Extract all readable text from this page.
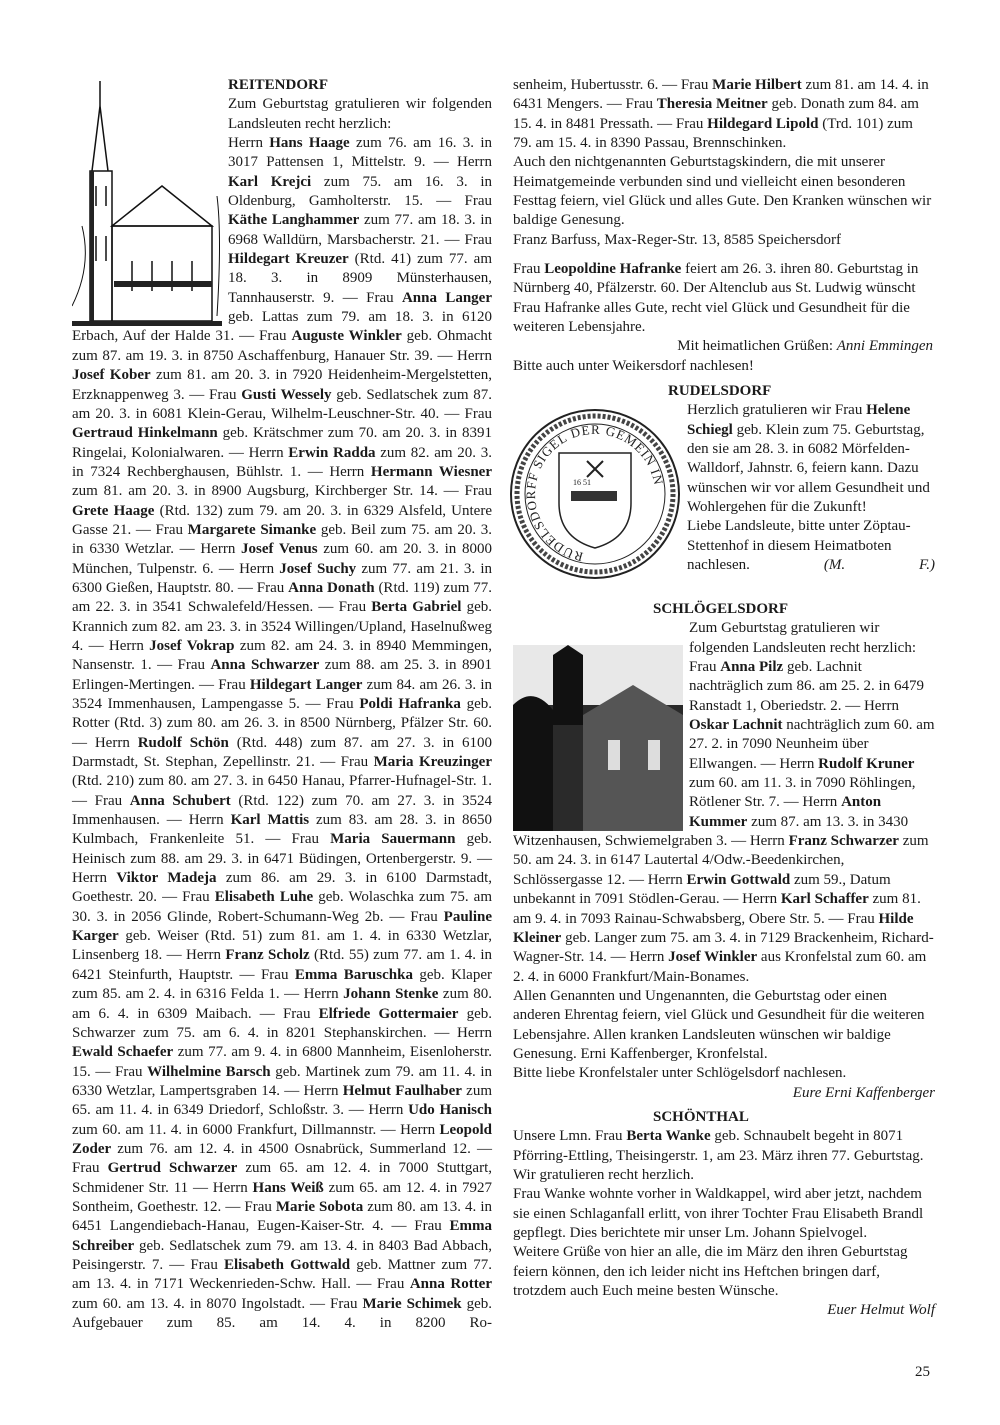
REITENDORF

Zum Geburtstag gratulieren wir folgenden Landsleuten recht herzlich:

Herrn Hans Haage zum 76. am 16. 3. in 3017 Pattensen 1, Mittelstr. 9. — Herrn Karl Krejci zum 75. am 16. 3. in Oldenburg, Gamholterstr. 15. — Frau Käthe Langhammer zum 77. am 18. 3. in 6968 Walldürn, Marsbacherstr. 21. — Frau Hildegart Kreuzer (Rtd. 41) zum 77. am 18. 3. in 8909 Münsterhausen, Tannhauserstr. 9. — Frau Anna Langer geb. Lattas zum 79. am 18. 3. in 6120 Erbach, Auf der Halde 31. — Frau Auguste Winkler geb. Ohmacht zum 87. am 19. 3. in 8750 Aschaffenburg, Hanauer Str. 39. — Herrn Josef Kober zum 81. am 20. 3. in 7920 Heidenheim-Mergelstetten, Erzknappenweg 3. — Frau Gusti Wessely geb. Sedlatschek zum 87. am 20. 3. in 6081 Klein-Gerau, Wilhelm-Leuschner-Str. 40. — Frau Gertraud Hinkelmann geb. Krätschmer zum 70. am 20. 3. in 8391 Ringelai, Kolonialwaren. — Herrn Erwin Radda zum 82. am 20. 3. in 7324 Rechberghausen, Bühlstr. 1. — Herrn Hermann Wiesner zum 81. am 20. 3. in 8900 Augsburg, Kirchberger Str. 14. — Frau Grete Haage (Rtd. 132) zum 79. am 20. 3. in 6329 Alsfeld, Untere Gasse 21. — Frau Margarete Simanke geb. Beil zum 75. am 20. 3. in 6330 Wetzlar. — Herrn Josef Venus zum 60. am 20. 3. in 8000 München, Tulpenstr. 6. — Herrn Josef Suchy zum 77. am 21. 3. in 6300 Gießen, Hauptstr. 80. — Frau Anna Donath (Rtd. 119) zum 77. am 22. 3. in 3541 Schwalefeld/Hessen. — Frau Berta Gabriel geb. Krannich zum 82. am 23. 3. in 3524 Willingen/Upland, Haselnußweg 4. — Herrn Josef Vokrap zum 82. am 24. 3. in 8940 Memmingen, Nansenstr. 1. — Frau Anna Schwarzer zum 88. am 25. 3. in 8901 Erlingen-Mertingen. — Frau Hildegart Langer zum 84. am 26. 3. in 3524 Immenhausen, Lampengasse 5. — Frau Poldi Hafranka geb. Rotter (Rtd. 3) zum 80. am 26. 3. in 8500 Nürnberg, Pfälzer Str. 60. — Herrn Rudolf Schön (Rtd. 448) zum 87. am 27. 3. in 6100 Darmstadt, St. Stephan, Zepellinstr. 21. — Frau Maria Kreuzinger (Rtd. 210) zum 80. am 27. 3. in 6450 Hanau, Pfarrer-Hufnagel-Str. 1. — Frau Anna Schubert (Rtd. 122) zum 70. am 27. 3. in 3524 Immenhausen. — Herrn Karl Mattis zum 83. am 28. 3. in 8650 Kulmbach, Frankenleite 51. — Frau Maria Sauermann geb. Heinisch zum 88. am 29. 3. in 6471 Büdingen, Ortenbergerstr. 9. — Herrn Viktor Madeja zum 86. am 29. 3. in 6100 Darmstadt, Goethestr. 20. — Frau Elisabeth Luhe geb. Wolaschka zum 75. am 30. 3. in 2056 Glinde, Robert-Schumann-Weg 2b. — Frau Pauline Karger geb. Weiser (Rtd. 51) zum 81. am 1. 4. in 6330 Wetzlar, Linsenberg 18. — Herrn Franz Scholz (Rtd. 55) zum 77. am 1. 4. in 6421 Steinfurth, Hauptstr. — Frau Emma Baruschka geb. Klaper zum 85. am 2. 4. in 6316 Felda 1. — Herrn Johann Stenke zum 80. am 6. 4. in 6309 Maibach. — Frau Elfriede Gottermaier geb. Schwarzer zum 75. am 6. 4. in 8201 Stephanskirchen. — Herrn Ewald Schaefer zum 77. am 9. 4. in 6800 Mannheim, Eisenloherstr. 15. — Frau Wilhelmine Barsch geb. Martinek zum 79. am 11. 4. in 6330 Wetzlar, Lampertsgraben 14. — Herrn Helmut Faulhaber zum 65. am 11. 4. in 6349 Driedorf, Schloßstr. 3. — Herrn Udo Hanisch zum 60. am 11. 4. in 6000 Frankfurt, Dillmannstr. — Herrn Leopold Zoder zum 76. am 12. 4. in 4500 Osnabrück, Summerland 12. — Frau Gertrud Schwarzer zum 65. am 12. 4. in 7000 Stuttgart, Schmidener Str. 11 — Herrn Hans Weiß zum 65. am 12. 4. in 7927 Sontheim, Goethestr. 12. — Frau Marie Sobota zum 80. am 13. 4. in 6451 Langendiebach-Hanau, Eugen-Kaiser-Str. 4. — Frau Emma Schreiber geb. Sedlatschek zum 79. am 13. 4. in 8403 Bad Abbach, Peisingerstr. 7. — Frau Elisabeth Gottwald geb. Mattner zum 77. am 13. 4. in 7171 Weckenrieden-Schw. Hall. — Frau Anna Rotter zum 60. am 13. 4. in 8070 Ingolstadt. — Frau Marie Schimek geb. Aufgebauer zum 85. am 14. 4. in 8200 Ro-

senheim, Hubertusstr. 6. — Frau Marie Hilbert zum 81. am 14. 4. in 6431 Mengers. — Frau Theresia Meitner geb. Donath zum 84. am 15. 4. in 8481 Pressath. — Frau Hildegard Lipold (Trd. 101) zum 79. am 15. 4. in 8390 Passau, Brennschinken.

Auch den nichtgenannten Geburtstagskindern, die mit unserer Heimatgemeinde verbunden sind und vielleicht einen besonderen Festtag feiern, viel Glück und alles Gute. Den Kranken wünschen wir baldige Genesung.

Franz Barfuss, Max-Reger-Str. 13, 8585 Speichersdorf

Frau Leopoldine Hafranke feiert am 26. 3. ihren 80. Geburtstag in Nürnberg 40, Pfälzerstr. 60. Der Altenclub aus St. Ludwig wünscht Frau Hafranke alles Gute, recht viel Glück und Gesundheit für die weiteren Lebensjahre.

Mit heimatlichen Grüßen: Anni Emmingen

Bitte auch unter Weikersdorf nachlesen!

RUDELSDORF

16 51
RUDELSDORFF SIGEL DER GEMEIN IN

Herzlich gratulieren wir Frau Helene Schiegl geb. Klein zum 75. Geburtstag, den sie am 28. 3. in 6082 Mörfelden-Walldorf, Jahnstr. 6, feiern kann. Dazu wünschen wir vor allem Gesundheit und Wohlergehen für die Zukunft!

Liebe Landsleute, bitte unter Zöptau-Stettenhof in diesem Heimatboten nachlesen. (M. F.)

SCHLÖGELSDORF

Zum Geburtstag gratulieren wir folgenden Landsleuten recht herzlich:

Frau Anna Pilz geb. Lachnit nachträglich zum 86. am 25. 2. in 6479 Ranstadt 1, Oberiedstr. 2. — Herrn Oskar Lachnit nachträglich zum 60. am 27. 2. in 7090 Neunheim über Ellwangen. — Herrn Rudolf Kruner zum 60. am 11. 3. in 7090 Röhlingen, Rötlener Str. 7. — Herrn Anton Kummer zum 87. am 13. 3. in 3430 Witzenhausen, Schwiemelgraben 3. — Herrn Franz Schwarzer zum 50. am 24. 3. in 6147 Lautertal 4/Odw.-Beedenkirchen, Schlössergasse 12. — Herrn Erwin Gottwald zum 59., Datum unbekannt in 7091 Stödlen-Gerau. — Herrn Karl Schaffer zum 81. am 9. 4. in 7093 Rainau-Schwabsberg, Obere Str. 5. — Frau Hilde Kleiner geb. Langer zum 75. am 3. 4. in 7129 Brackenheim, Richard-Wagner-Str. 14. — Herrn Josef Winkler aus Kronfelstal zum 60. am 2. 4. in 6000 Frankfurt/Main-Bonames.

Allen Genannten und Ungenannten, die Geburtstag oder einen anderen Ehrentag feiern, viel Glück und Gesundheit für die weiteren Lebensjahre. Allen kranken Landsleuten wünschen wir baldige Genesung. Erni Kaffenberger, Kronfelstal.

Bitte liebe Kronfelstaler unter Schlögelsdorf nachlesen.

Eure Erni Kaffenberger

SCHÖNTHAL

Unsere Lmn. Frau Berta Wanke geb. Schnaubelt begeht in 8071 Pförring-Ettling, Theisingerstr. 1, am 23. März ihren 77. Geburtstag. Wir gratulieren recht herzlich.

Frau Wanke wohnte vorher in Waldkappel, wird aber jetzt, nachdem sie einen Schlaganfall erlitt, von ihrer Tochter Frau Elisabeth Brandl gepflegt. Dies berichtete mir unser Lm. Johann Spielvogel.

Weitere Grüße von hier an alle, die im März den ihren Geburtstag feiern können, den ich leider nicht ins Heftchen bringen darf, trotzdem auch Euch meine besten Wünsche.

Euer Helmut Wolf

25
